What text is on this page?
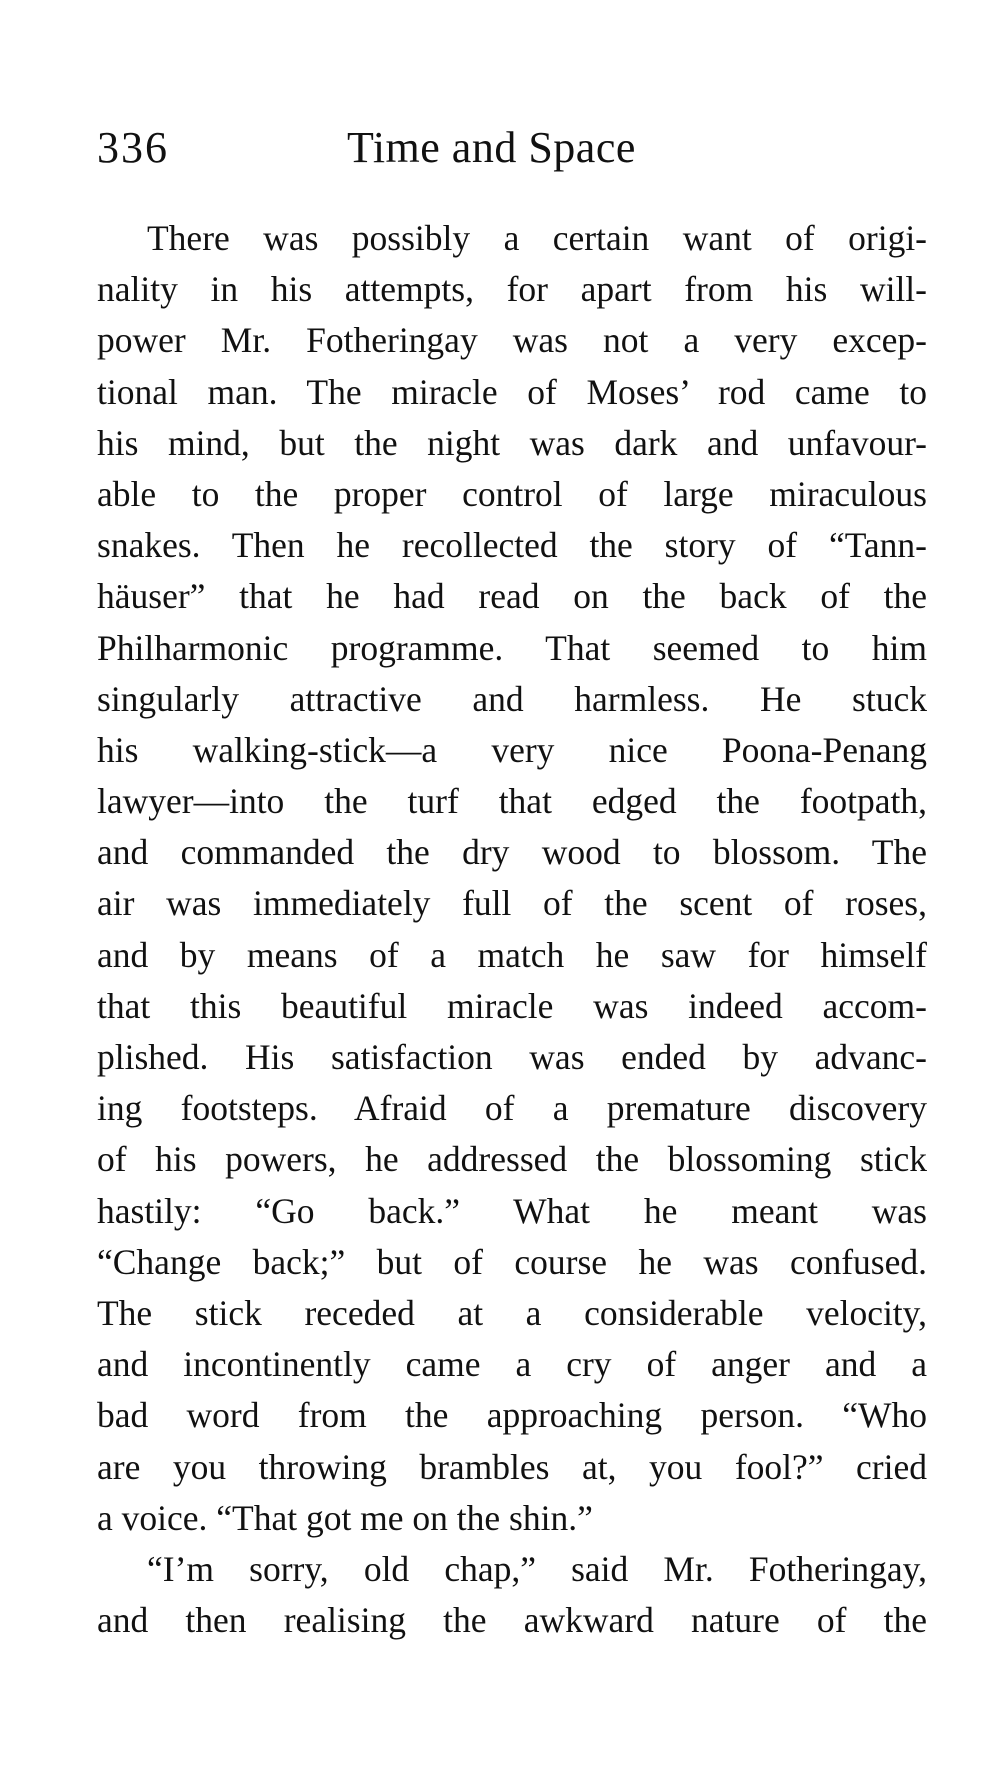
336	Time and Space
There was possibly a certain want of origi-
nality in his attempts, for apart from his will-
power Mr. Fotheringay was not a very excep-
tional man. The miracle of Moses’ rod came to
his mind, but the night was dark and unfavour-
able to the proper control of large miraculous
snakes. Then he recollected the story of “Tann-
häuser” that he had read on the back of the
Philharmonic programme. That seemed to him
singularly attractive and harmless. He stuck
his walking-stick—a very nice Poona-Penang
lawyer—into the turf that edged the footpath,
and commanded the dry wood to blossom. The
air was immediately full of the scent of roses,
and by means of a match he saw for himself
that this beautiful miracle was indeed accom-
plished. His satisfaction was ended by advanc-
ing footsteps. Afraid of a premature discovery
of his powers, he addressed the blossoming stick
hastily: “Go back.” What he meant was
“Change back;” but of course he was confused.
The stick receded at a considerable velocity,
and incontinently came a cry of anger and a
bad word from the approaching person. “Who
are you throwing brambles at, you fool?” cried
a voice. “That got me on the shin.”
“I’m sorry, old chap,” said Mr. Fotheringay,
and then realising the awkward nature of the
